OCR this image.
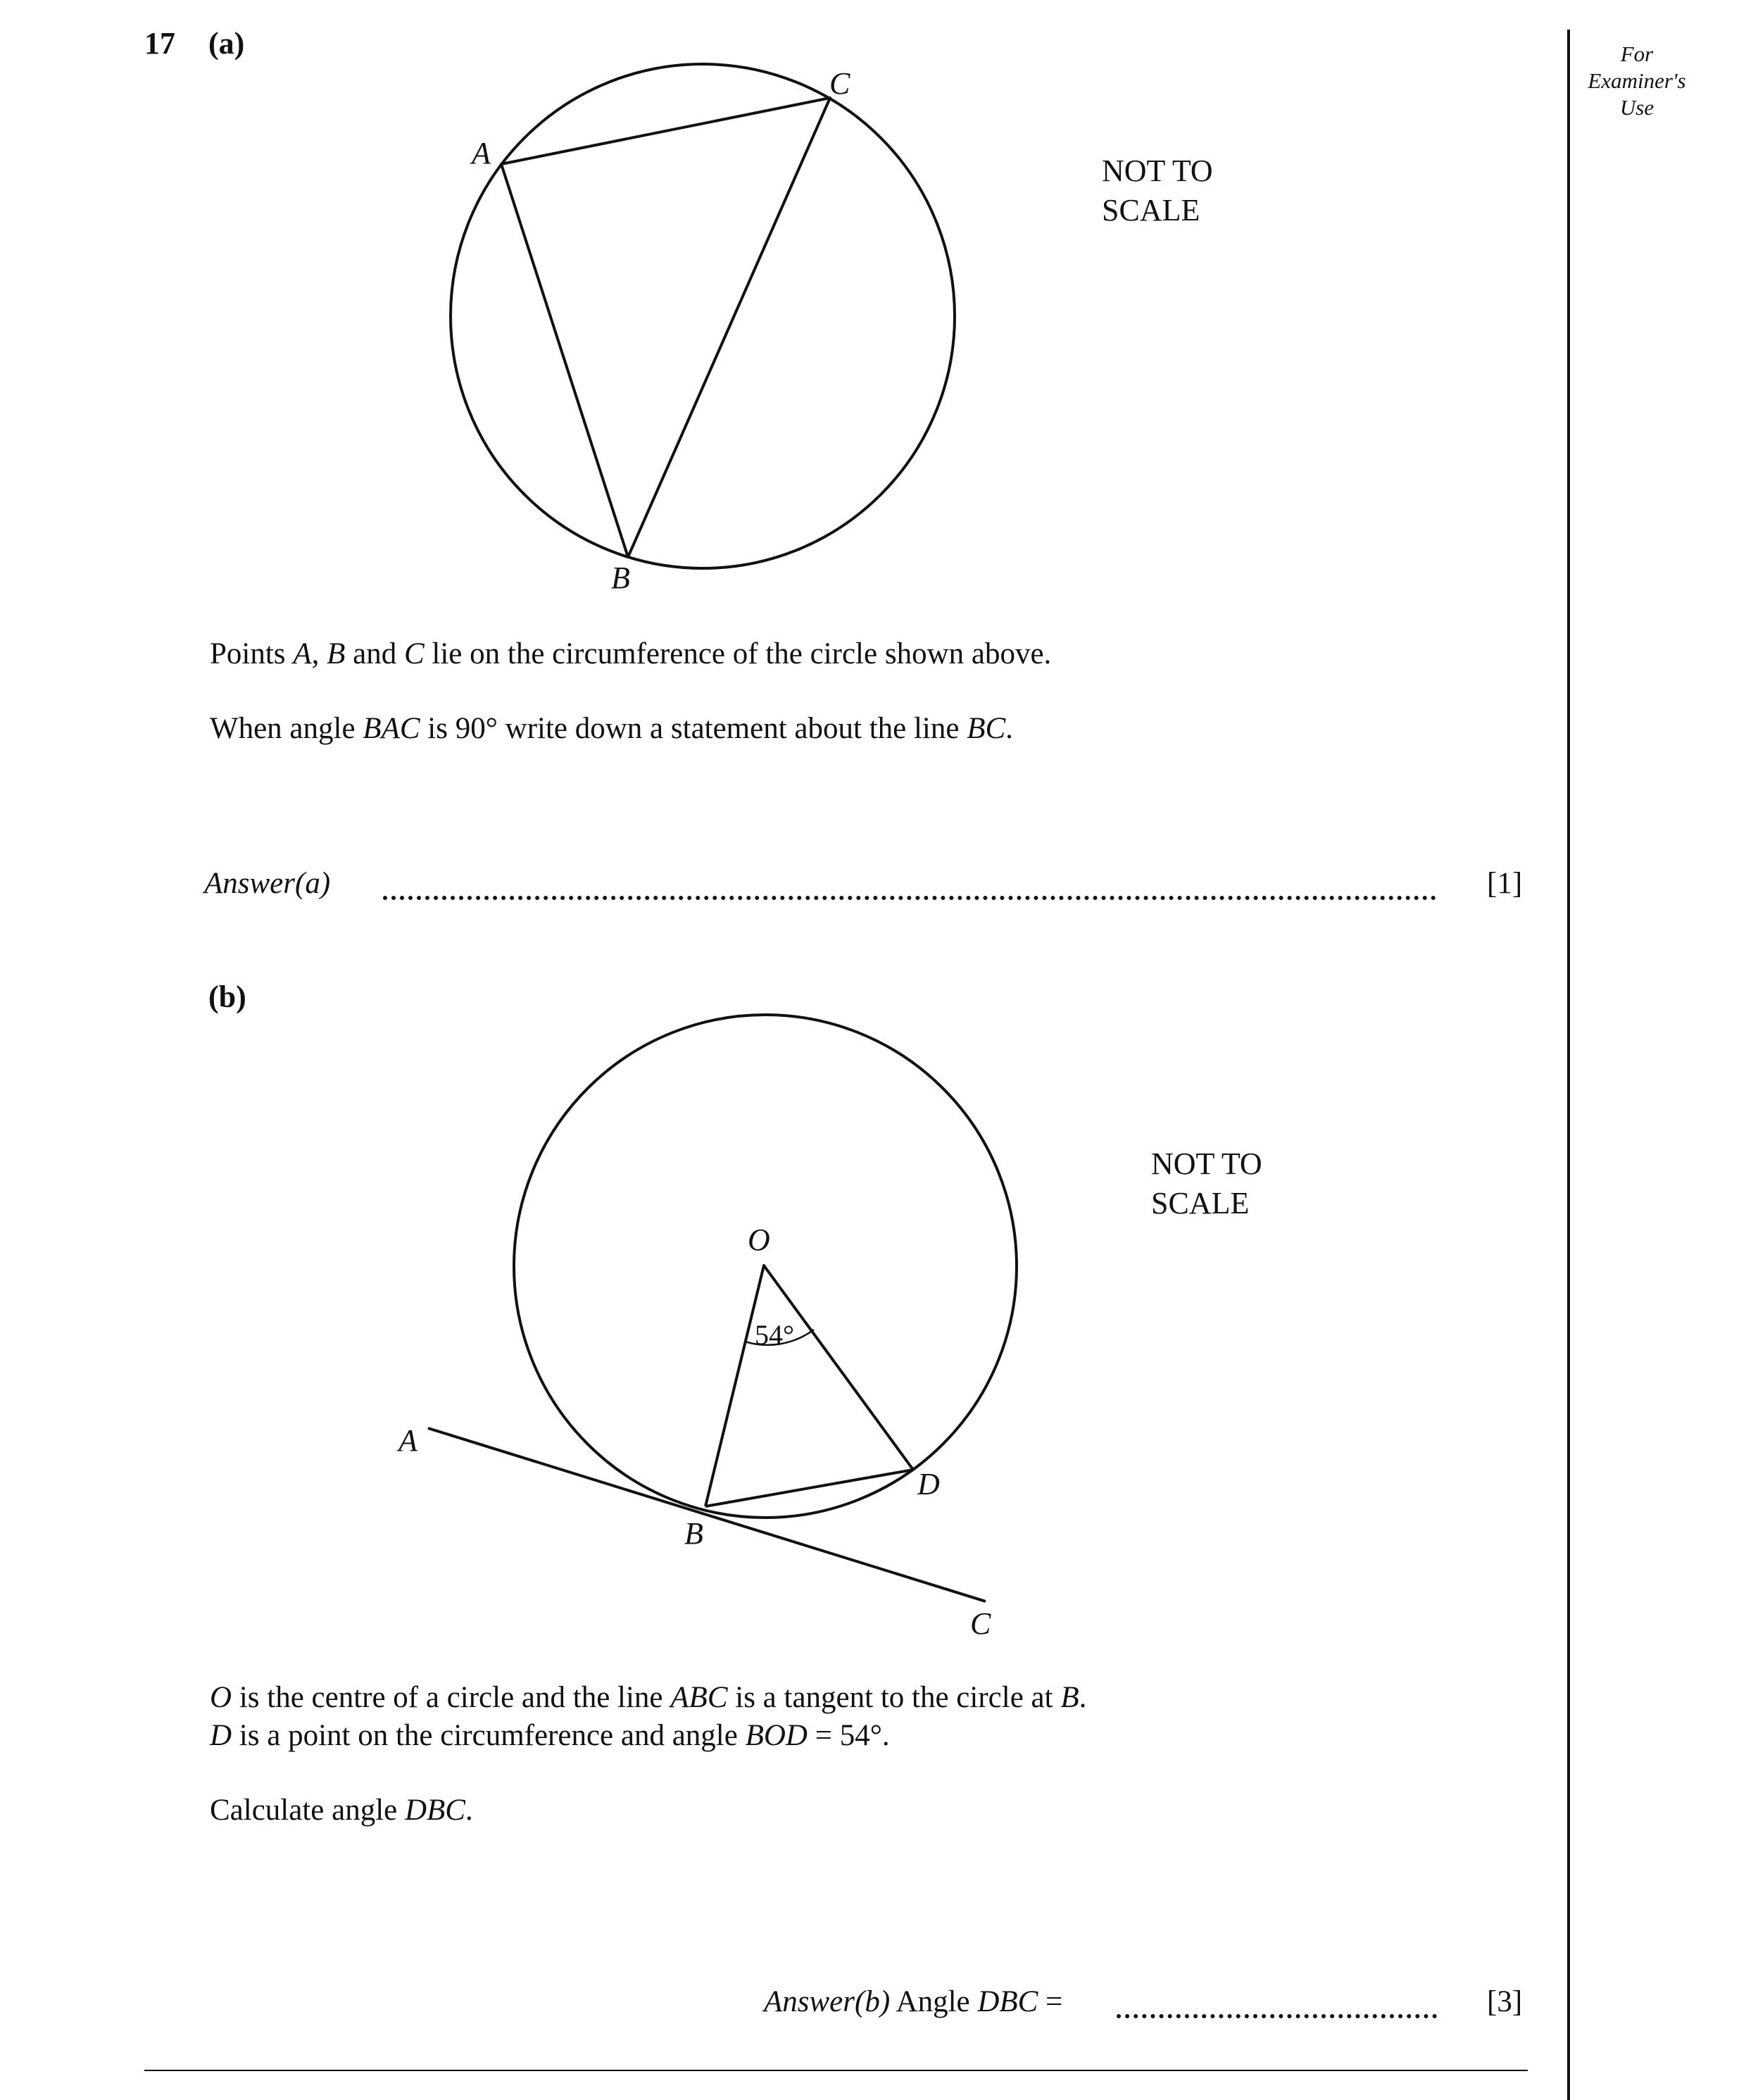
17 (a)	For
Examiner's
Use
A
C
B
NOT TO
SCALE
Points A, B and C lie on the circumference of the circle shown above.
When angle BAC is 90° write down a statement about the line BC.
Answer(a)	[1]
(b)
O
54°
A
B
D
C
NOT TO
SCALE
O is the centre of a circle and the line ABC is a tangent to the circle at B.
D is a point on the circumference and angle BOD = 54°.
Calculate angle DBC.
Answer(b) Angle DBC =	[3]
